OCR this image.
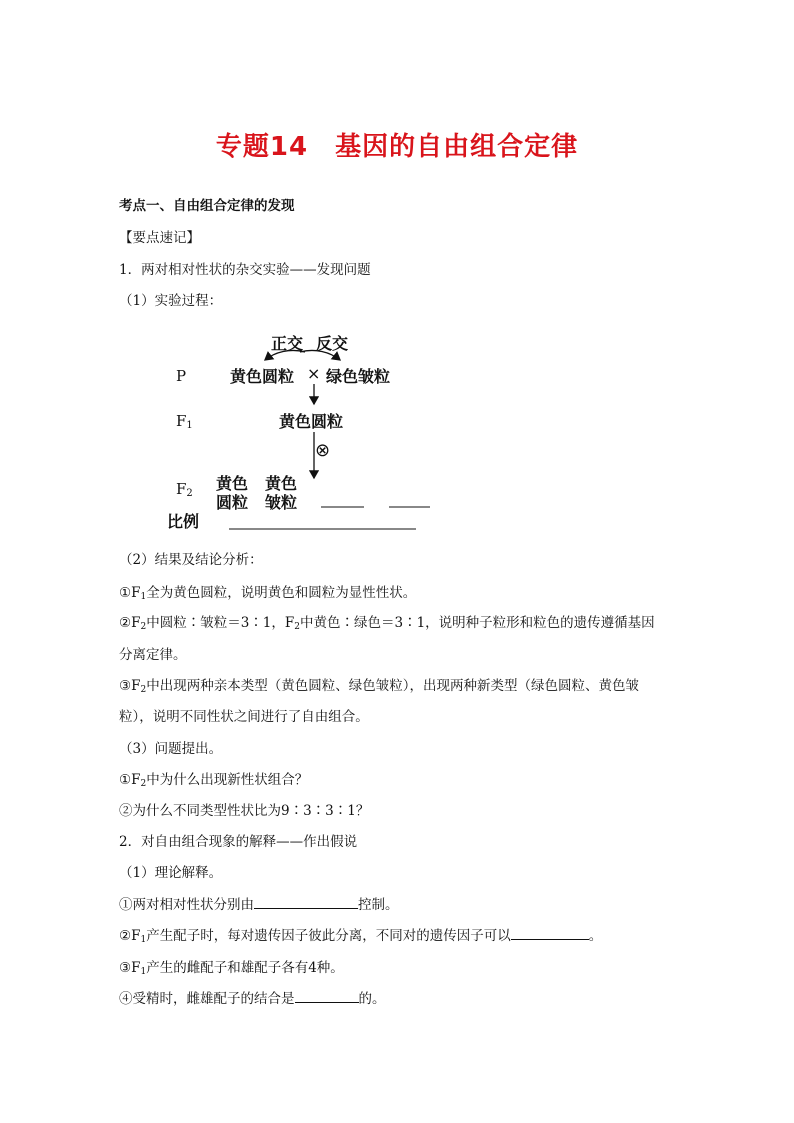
专题14　基因的自由组合定律
考点一、自由组合定律的发现
【要点速记】
1．两对相对性状的杂交实验——发现问题
（1）实验过程：
正交 反交
P	黄色圆粒 × 绿色皱粒
$F_1$	黄色圆粒
⊗
$F_2$
黄色
圆粒
黄色
皱粒
比例
（2）结果及结论分析：
$①F_1$全为黄色圆粒，说明黄色和圆粒为显性性状。
$②F_2$中圆粒∶皱粒＝3∶1，$F_2$中黄色∶绿色＝3∶1，说明种子粒形和粒色的遗传遵循基因
分离定律。
$③F_2$中出现两种亲本类型（黄色圆粒、绿色皱粒），出现两种新类型（绿色圆粒、黄色皱
粒），说明不同性状之间进行了自由组合。
（3）问题提出。
$①F_2$中为什么出现新性状组合？
②为什么不同类型性状比为9∶3∶3∶1？
2．对自由组合现象的解释——作出假说
（1）理论解释。
①两对相对性状分别由	控制。
$②F_1$产生配子时，每对遗传因子彼此分离，不同对的遗传因子可以	。
$③F_1$产生的雌配子和雄配子各有4种。
④受精时，雌雄配子的结合是	的。
